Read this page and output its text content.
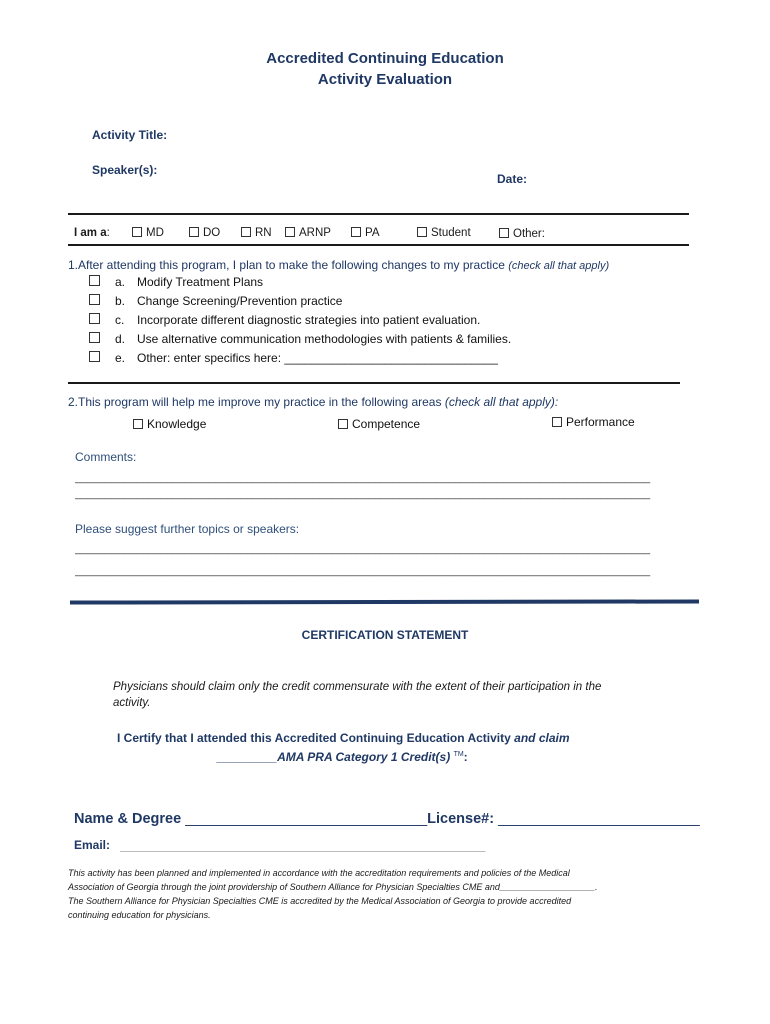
Accredited Continuing Education
Activity Evaluation
Activity Title:
Speaker(s):
Date:
I am a:	MD	DO	RN	ARNP	PA	Student	Other:
1.After attending this program, I plan to make the following changes to my practice (check all that apply)
a. Modify Treatment Plans
b. Change Screening/Prevention practice
c. Incorporate different diagnostic strategies into patient evaluation.
d. Use alternative communication methodologies with patients & families.
e. Other: enter specifics here: ________________________________
2.This program will help me improve my practice in the following areas (check all that apply):
Knowledge	Competence	Performance
Comments:
______________________________________________________________________________________________
______________________________________________________________________________________________
Please suggest further topics or speakers:
______________________________________________________________________________________________
______________________________________________________________________________________________
CERTIFICATION STATEMENT
Physicians should claim only the credit commensurate with the extent of their participation in the
activity.
I Certify that I attended this Accredited Continuing Education Activity and claim
_________AMA PRA Category 1 Credit(s) ™:
Name & Degree ______________________________License#: _________________________
Email: _________________________________________________________________________
This activity has been planned and implemented in accordance with the accreditation requirements and policies of the Medical
Association of Georgia through the joint providership of Southern Alliance for Physician Specialties CME and___________________.
The Southern Alliance for Physician Specialties CME is accredited by the Medical Association of Georgia to provide accredited
continuing education for physicians.
